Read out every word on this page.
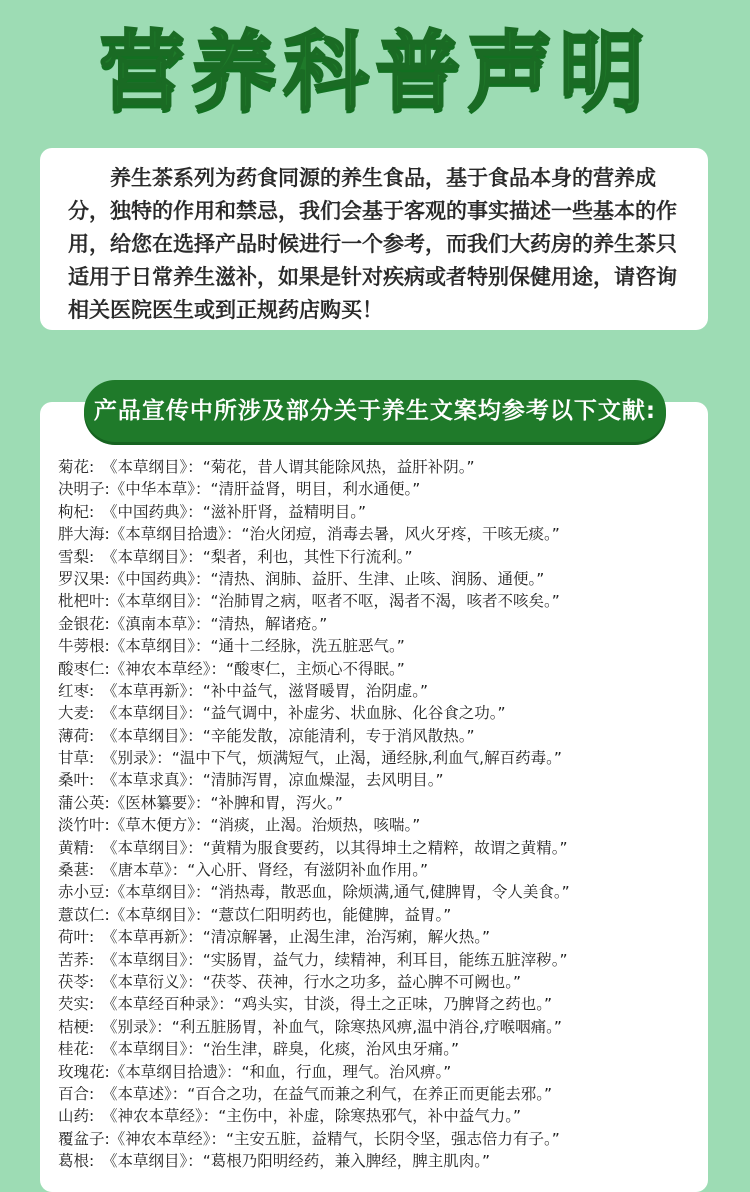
营养科普声明

养生茶系列为药食同源的养生食品，基于食品本身的营养成分，独特的作用和禁忌，我们会基于客观的事实描述一些基本的作用，给您在选择产品时候进行一个参考，而我们大药房的养生茶只适用于日常养生滋补，如果是针对疾病或者特别保健用途，请咨询相关医院医生或到正规药店购买！

产品宣传中所涉及部分关于养生文案均参考以下文献:
菊花:　《本草纲目》：“菊花，昔人谓其能除风热，益肝补阴。”
决明子:《中华本草》：“清肝益肾，明目，利水通便。”
枸杞:　《中国药典》：“滋补肝肾，益精明目。”
胖大海:《本草纲目拾遗》：“治火闭痘，消毒去暑，风火牙疼，干咳无痰。”
雪梨:　《本草纲目》：“梨者，利也，其性下行流利。”
罗汉果:《中国药典》：“清热、润肺、益肝、生津、止咳、润肠、通便。”
枇杷叶:《本草纲目》：“治肺胃之病，呕者不呕，渴者不渴，咳者不咳矣。”
金银花:《滇南本草》：“清热，解诸疮。”
牛蒡根:《本草纲目》：“通十二经脉，洗五脏恶气。”
酸枣仁:《神农本草经》：“酸枣仁，主烦心不得眠。”
红枣:　《本草再新》：“补中益气，滋肾暖胃，治阴虚。”
大麦:　《本草纲目》：“益气调中，补虚劣、状血脉、化谷食之功。”
薄荷:　《本草纲目》：“辛能发散，凉能清利，专于消风散热。”
甘草:　《别录》：“温中下气，烦满短气，止渴，通经脉,利血气,解百药毒。”
桑叶:　《本草求真》：“清肺泻胃，凉血燥湿，去风明目。”
蒲公英:《医林纂要》：“补脾和胃，泻火。”
淡竹叶:《草木便方》：“消痰，止渴。治烦热，咳喘。”
黄精:　《本草纲目》：“黄精为服食要药，以其得坤土之精粹，故谓之黄精。”
桑葚:　《唐本草》：“入心肝、肾经，有滋阴补血作用。”
赤小豆:《本草纲目》：“消热毒，散恶血，除烦满,通气,健脾胃，令人美食。”
薏苡仁:《本草纲目》：“薏苡仁阳明药也，能健脾，益胃。”
荷叶:　《本草再新》：“清凉解暑，止渴生津，治泻痢，解火热。”
苦荞:　《本草纲目》：“实肠胃，益气力，续精神，利耳目，能练五脏滓秽。”
茯苓:　《本草衍义》：“茯苓、茯神，行水之功多，益心脾不可阙也。”
芡实:　《本草经百种录》：“鸡头实，甘淡，得土之正味，乃脾肾之药也。”
桔梗:　《别录》：“利五脏肠胃，补血气，除寒热风痹,温中消谷,疗喉咽痛。”
桂花:　《本草纲目》：“治生津，辟臭，化痰，治风虫牙痛。”
玫瑰花:《本草纲目拾遗》：“和血，行血，理气。治风痹。”
百合:　《本草述》：“百合之功，在益气而兼之利气，在养正而更能去邪。”
山药:　《神农本草经》：“主伤中，补虚，除寒热邪气，补中益气力。”
覆盆子:《神农本草经》：“主安五脏，益精气，长阴令坚，强志倍力有子。”
葛根:　《本草纲目》：“葛根乃阳明经药，兼入脾经，脾主肌肉。”
